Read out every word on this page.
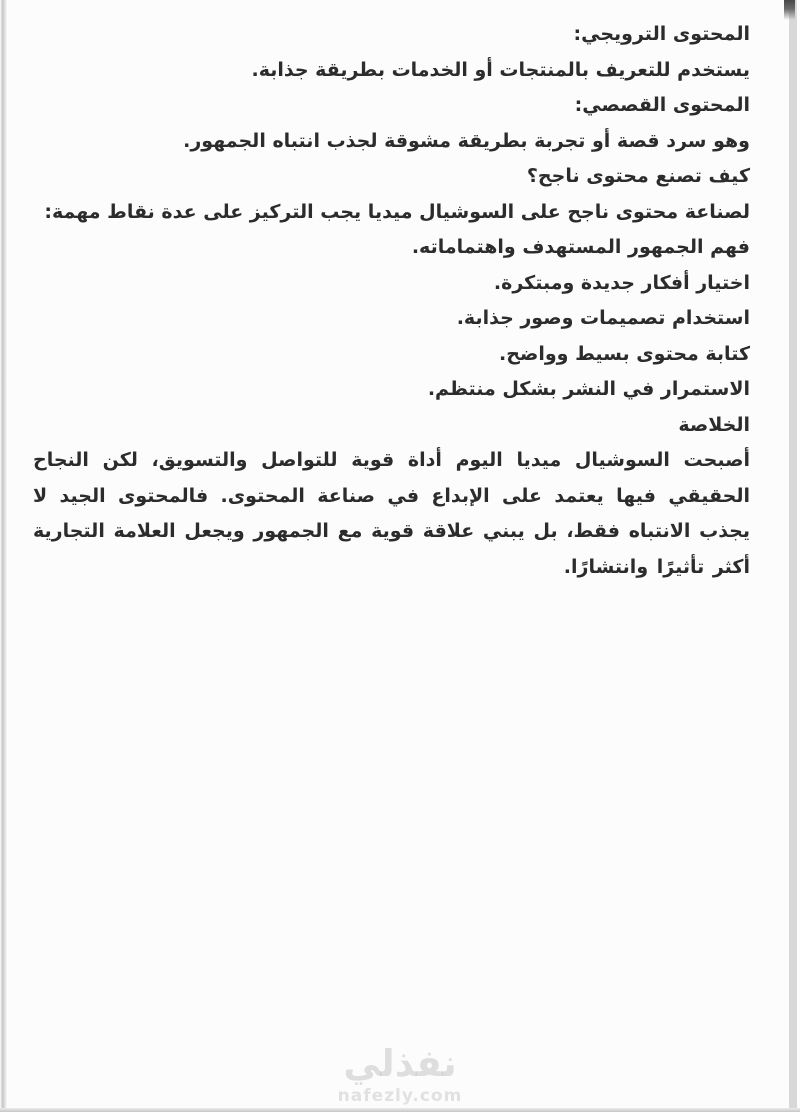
المحتوى الترويجي:
يستخدم للتعريف بالمنتجات أو الخدمات بطريقة جذابة.
المحتوى القصصي:
وهو سرد قصة أو تجربة بطريقة مشوقة لجذب انتباه الجمهور.
كيف تصنع محتوى ناجح؟
لصناعة محتوى ناجح على السوشيال ميديا يجب التركيز على عدة نقاط مهمة:
فهم الجمهور المستهدف واهتماماته.
اختيار أفكار جديدة ومبتكرة.
استخدام تصميمات وصور جذابة.
كتابة محتوى بسيط وواضح.
الاستمرار في النشر بشكل منتظم.
الخلاصة
أصبحت السوشيال ميديا اليوم أداة قوية للتواصل والتسويق، لكن النجاح الحقيقي فيها يعتمد على الإبداع في صناعة المحتوى. فالمحتوى الجيد لا يجذب الانتباه فقط، بل يبني علاقة قوية مع الجمهور ويجعل العلامة التجارية أكثر تأثيرًا وانتشارًا.
نفذلي
nafezly.com
